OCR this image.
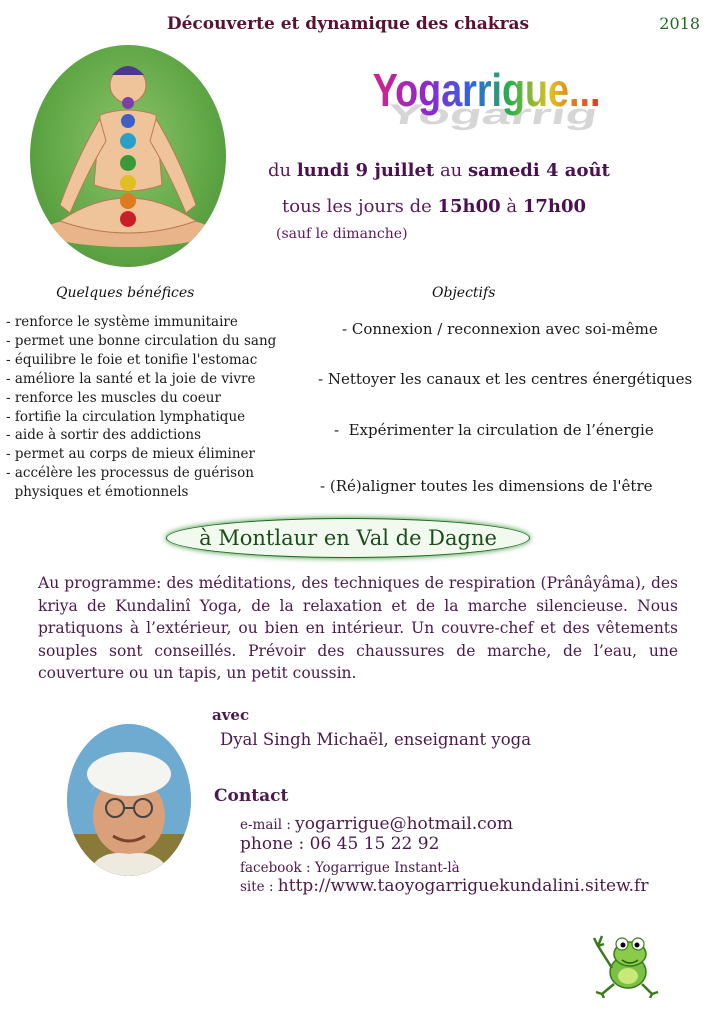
Découverte et dynamique des chakras	2018
Yogarrigue...
Yogarrigue...
du lundi 9 juillet au samedi 4 août
tous les jours de 15h00 à 17h00
(sauf le dimanche)
Quelques bénéfices	Objectifs
- renforce le système immunitaire
- permet une bonne circulation du sang
- équilibre le foie et tonifie l'estomac
- améliore la santé et la joie de vivre
- renforce les muscles du coeur
- fortifie la circulation lymphatique
- aide à sortir des addictions
- permet au corps de mieux éliminer
- accélère les processus de guérison
physiques et émotionnels
- Connexion / reconnexion avec soi-même
- Nettoyer les canaux et les centres énergétiques
-  Expérimenter la circulation de l’énergie
- (Ré)aligner toutes les dimensions de l'être
à Montlaur en Val de Dagne
Au programme: des méditations, des techniques de respiration (Prânâyâma), des kriya de Kundalinî Yoga, de la relaxation et de la marche silencieuse. Nous pratiquons à l’extérieur, ou bien en intérieur. Un couvre-chef et des vêtements souples sont conseillés. Prévoir des chaussures de marche, de l’eau, une couverture ou un tapis, un petit coussin.
avec
Dyal Singh Michaël, enseignant yoga
Contact
e-mail : yogarrigue@hotmail.com
phone : 06 45 15 22 92
facebook : Yogarrigue Instant-là
site : http://www.taoyogarriguekundalini.sitew.fr
